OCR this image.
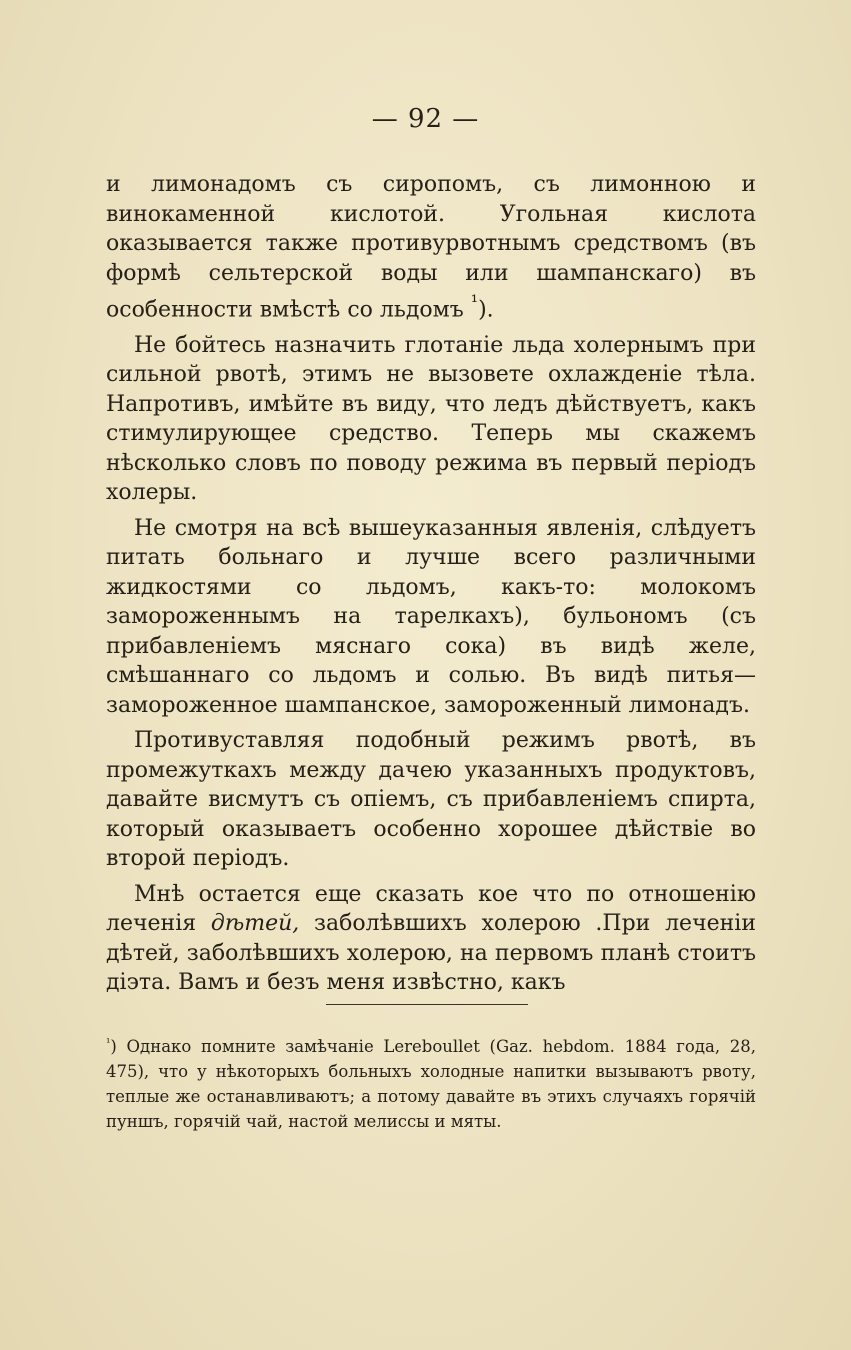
— 92 —

и лимонадомъ съ сиропомъ, съ лимонною и винокаменной кислотой. Угольная кислота оказывается также противурвотнымъ средствомъ (въ формѣ сельтерской воды или шампанскаго) въ особенности вмѣстѣ со льдомъ $^{^1}$).

Не бойтесь назначить глотаніе льда холернымъ при сильной рвотѣ, этимъ не вызовете охлажденіе тѣла. Напротивъ, имѣйте въ виду, что ледъ дѣйствуетъ, какъ стимулирующее средство. Теперь мы скажемъ нѣсколько словъ по поводу режима въ первый періодъ холеры.

Не смотря на всѣ вышеуказанныя явленія, слѣдуетъ питать больнаго и лучше всего различными жидкостями со льдомъ, какъ-то: молокомъ замороженнымъ на тарелкахъ), бульономъ (съ прибавленіемъ мяснаго сока) въ видѣ желе, смѣшаннаго со льдомъ и солью. Въ видѣ питья—замороженное шампанское, замороженный лимонадъ.

Противуставляя подобный режимъ рвотѣ, въ промежуткахъ между дачею указанныхъ продуктовъ, давайте висмутъ съ опіемъ, съ прибавленіемъ спирта, который оказываетъ особенно хорошее дѣйствіе во второй періодъ.

Мнѣ остается еще сказать кое что по отношенію леченія дѣтей, заболѣвшихъ холерою .При леченіи дѣтей, заболѣвшихъ холерою, на первомъ планѣ стоитъ діэта. Вамъ и безъ меня извѣстно, какъ

$^{^1}$) Однако помните замѣчаніе Lereboullet (Gaz. hebdom. 1884 года, 28, 475), что у нѣкоторыхъ больныхъ холодные напитки вызываютъ рвоту, теплые же останавливаютъ; а потому давайте въ этихъ случаяхъ горячій пуншъ, горячій чай, настой мелиссы и мяты.
